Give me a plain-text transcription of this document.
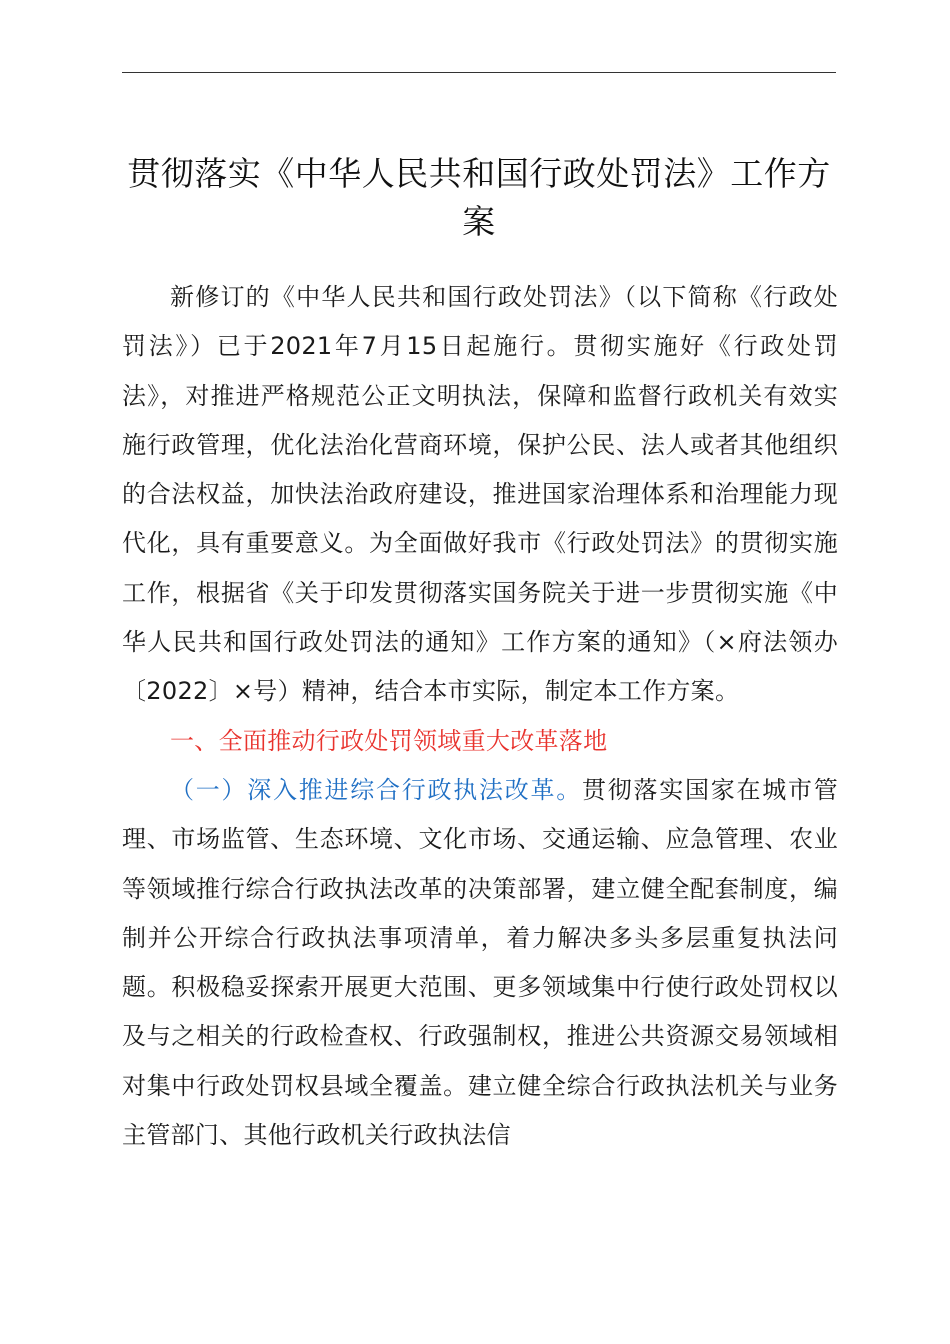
贯彻落实《中华人民共和国行政处罚法》工作方案

新修订的《中华人民共和国行政处罚法》（以下简称《行政处罚法》）已于2021年7月15日起施行。贯彻实施好《行政处罚法》，对推进严格规范公正文明执法，保障和监督行政机关有效实施行政管理，优化法治化营商环境，保护公民、法人或者其他组织的合法权益，加快法治政府建设，推进国家治理体系和治理能力现代化，具有重要意义。为全面做好我市《行政处罚法》的贯彻实施工作，根据省《关于印发贯彻落实国务院关于进一步贯彻实施《中华人民共和国行政处罚法的通知》工作方案的通知》（×府法领办〔2022〕×号）精神，结合本市实际，制定本工作方案。

一、全面推动行政处罚领域重大改革落地

（一）深入推进综合行政执法改革。贯彻落实国家在城市管理、市场监管、生态环境、文化市场、交通运输、应急管理、农业等领域推行综合行政执法改革的决策部署，建立健全配套制度，编制并公开综合行政执法事项清单，着力解决多头多层重复执法问题。积极稳妥探索开展更大范围、更多领域集中行使行政处罚权以及与之相关的行政检查权、行政强制权，推进公共资源交易领域相对集中行政处罚权县域全覆盖。建立健全综合行政执法机关与业务主管部门、其他行政机关行政执法信
